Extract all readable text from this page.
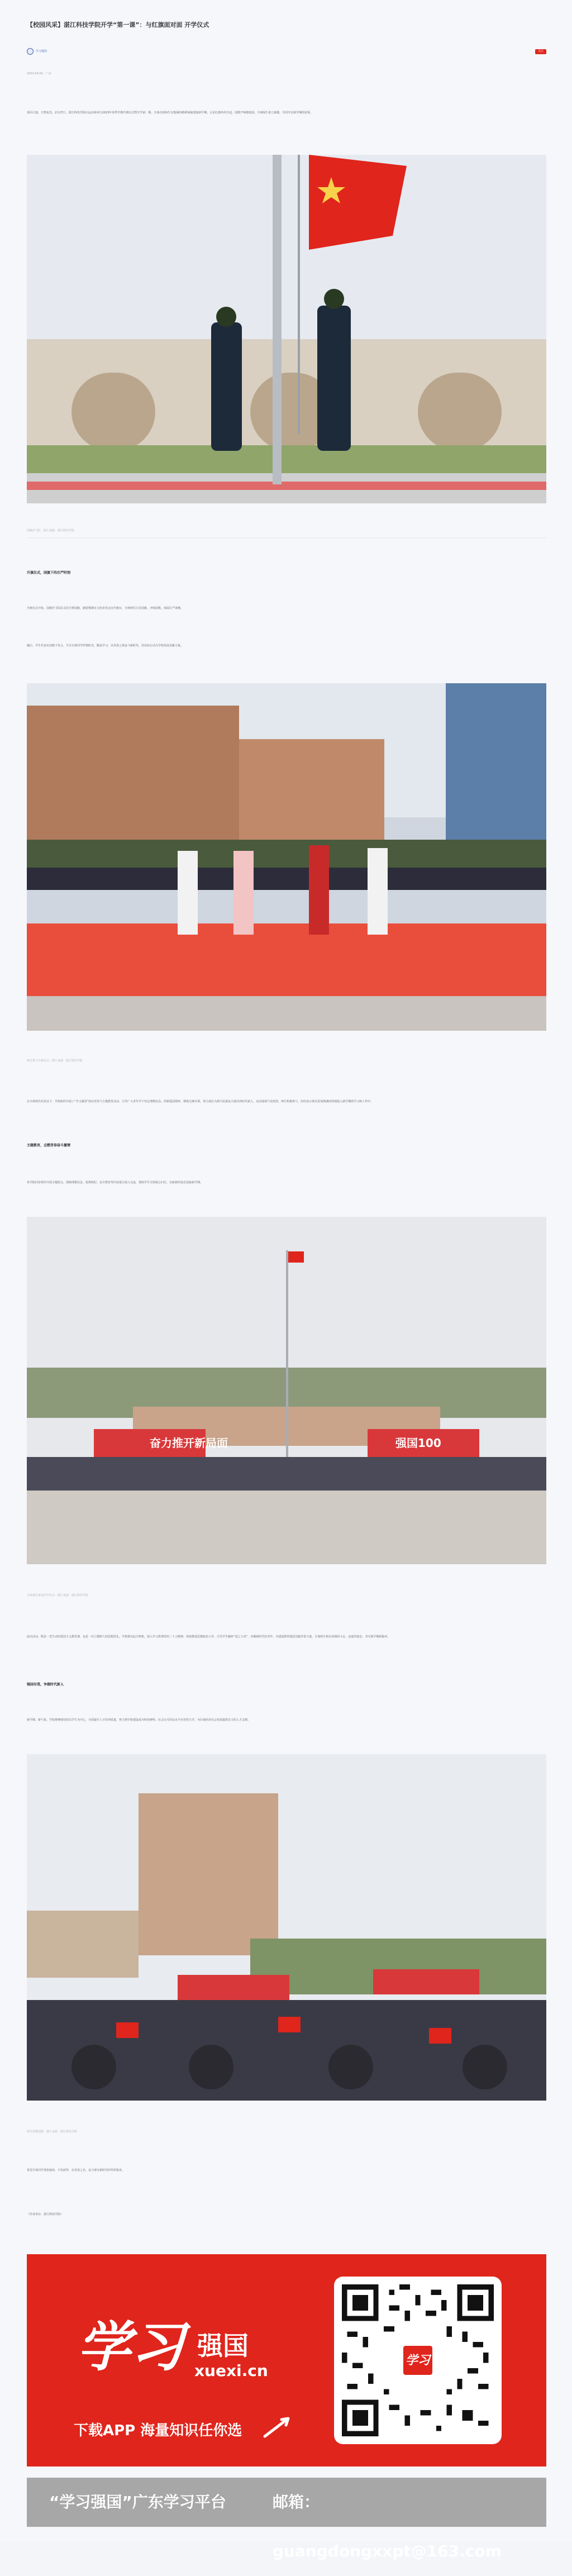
【校园风采】湛江科技学院开学“第一课”：与红旗面对面 开学仪式
学习强国	关注
2023-03-01 · 广东
春回大地，万物复苏。2月27日，湛江科技学院在运动场举行2023年春季学期升旗仪式暨开学第一课，全体在校师生以饱满的精神面貌迎接新学期。五星红旗冉冉升起，国歌声响彻校园，全场师生肃立致敬，共同开启新学期的征程。
国旗护卫队 · 图片来源：湛江科技学院
升旗仪式，国旗下的庄严时刻
升旗仪式开始，国旗护卫队队员们手捧国旗，踏着铿锵有力的步伐走向升旗台，全场师生注目国旗，齐唱国歌，场面庄严肃穆。
随后，学生代表在国旗下发言，号召全体同学珍惜时光，勤奋学习，以青春之我奋斗新时代，用实际行动为学校发展贡献力量。
师生参与升旗仪式 · 图片来源：湛江科技学院
在全体师生的见证下，学校组织开展了“学习强国”知识竞答与主题教育活动，引导广大青年学子坚定理想信念、厚植爱国情怀、锤炼过硬本领，努力成长为堪当民族复兴重任的时代新人。活动现场气氛热烈，师生积极参与，纷纷表示将以更加饱满的热情投入新学期的学习和工作中。
主题教育，点燃青春奋斗激情
各学院同步组织开展主题班会，围绕理想信念、校规校纪、安全教育等内容进行深入交流，帮助学生尽快收心归位，以崭新的姿态迎接新学期。
奋力推开新局面	强国100
全体师生参加开学仪式 · 图片来源：湛江科技学院
此次活动，既是一堂生动的爱国主义教育课，也是一次立德树人的思想洗礼。学校将以此为契机，深入学习贯彻党的二十大精神，持续推进思想政治工作，引导学生胸怀“国之大者”，争做新时代好青年，为建设教育强国贡献青春力量。全体师生将以昂扬的斗志、奋进的姿态，书写新学期新篇章。
强国有我，争做时代新人
新学期，新气象。学校将继续坚持以学生为中心，全面提升人才培养质量，努力把学校建设成为特色鲜明、社会认可的高水平应用型大学，为区域经济社会发展提供有力的人才支撑。
师生挥舞国旗 · 图片来源：湛江科技学院
希望全体同学勇担使命，不负韶华，以青春之名，奋力谱写新时代的华彩篇章。
（作者单位：湛江科技学院）
学习 强国
xuexi.cn
下载APP 海量知识任你选
学习
“学习强国”广东学习平台	邮箱：guangdongxxpt@163.com
